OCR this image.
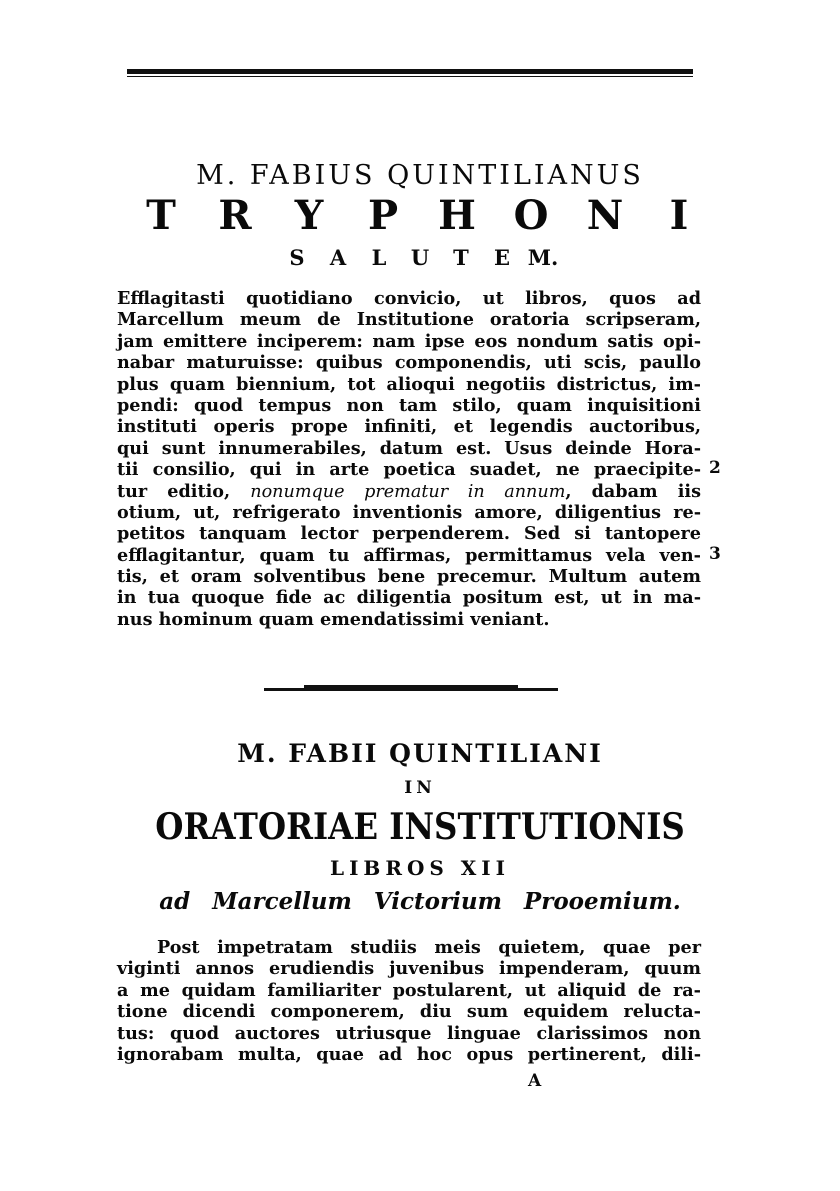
M. FABIUS QUINTILIANUS
T R Y P H O N I
S A L U T E M.
Efflagitasti quotidiano convicio, ut libros, quos ad
Marcellum meum de Institutione oratoria scripseram,
jam emittere inciperem: nam ipse eos nondum satis opi-
nabar maturuisse: quibus componendis, uti scis, paullo
plus quam biennium, tot alioqui negotiis districtus, im-
pendi: quod tempus non tam stilo, quam inquisitioni
instituti operis prope infiniti, et legendis auctoribus,
qui sunt innumerabiles, datum est. Usus deinde Hora-
tii consilio, qui in arte poetica suadet, ne praecipite-
tur editio, nonumque prematur in annum, dabam iis
otium, ut, refrigerato inventionis amore, diligentius re-
petitos tanquam lector perpenderem. Sed si tantopere
efflagitantur, quam tu affirmas, permittamus vela ven-
tis, et oram solventibus bene precemur. Multum autem
in tua quoque fide ac diligentia positum est, ut in ma-
nus hominum quam emendatissimi veniant.
2
3
M. FABII QUINTILIANI
IN
ORATORIAE INSTITUTIONIS
LIBROS XII
ad Marcellum Victorium Prooemium.
Post impetratam studiis meis quietem, quae per
viginti annos erudiendis juvenibus impenderam, quum
a me quidam familiariter postularent, ut aliquid de ra-
tione dicendi componerem, diu sum equidem relucta-
tus: quod auctores utriusque linguae clarissimos non
ignorabam multa, quae ad hoc opus pertinerent, dili-
A
